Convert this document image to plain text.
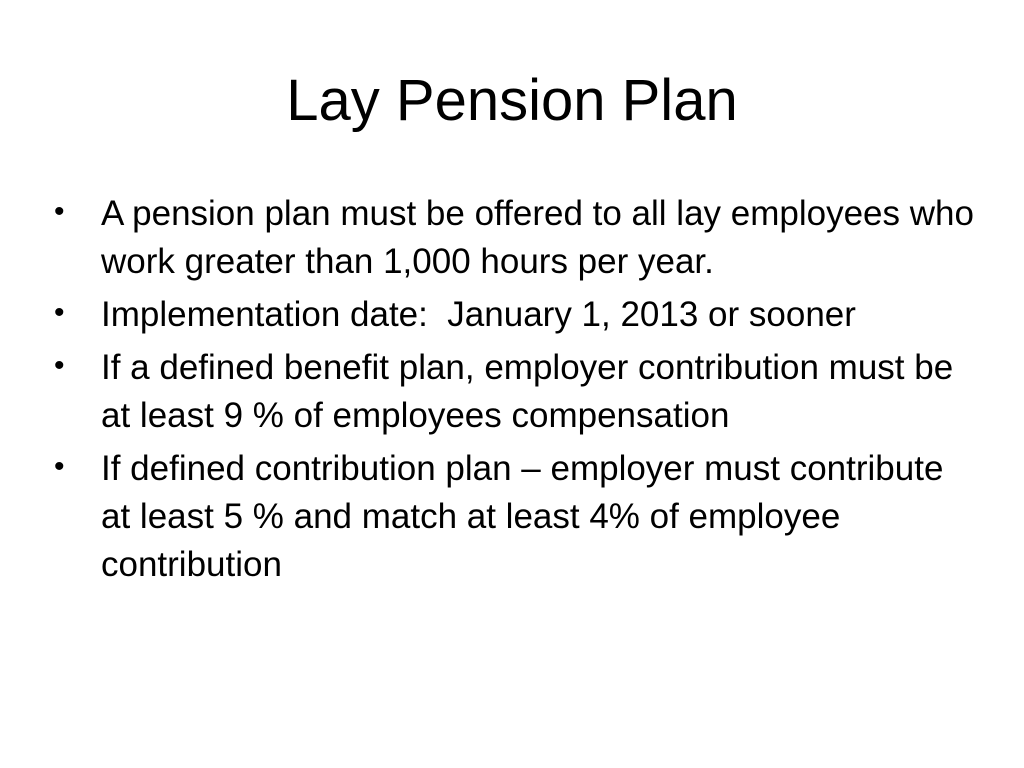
Lay Pension Plan
• A pension plan must be offered to all lay employees who work greater than 1,000 hours per year.
• Implementation date:  January 1, 2013 or sooner
• If a defined benefit plan, employer contribution must be at least 9 % of employees compensation
• If defined contribution plan – employer must contribute at least 5 % and match at least 4% of employee contribution
